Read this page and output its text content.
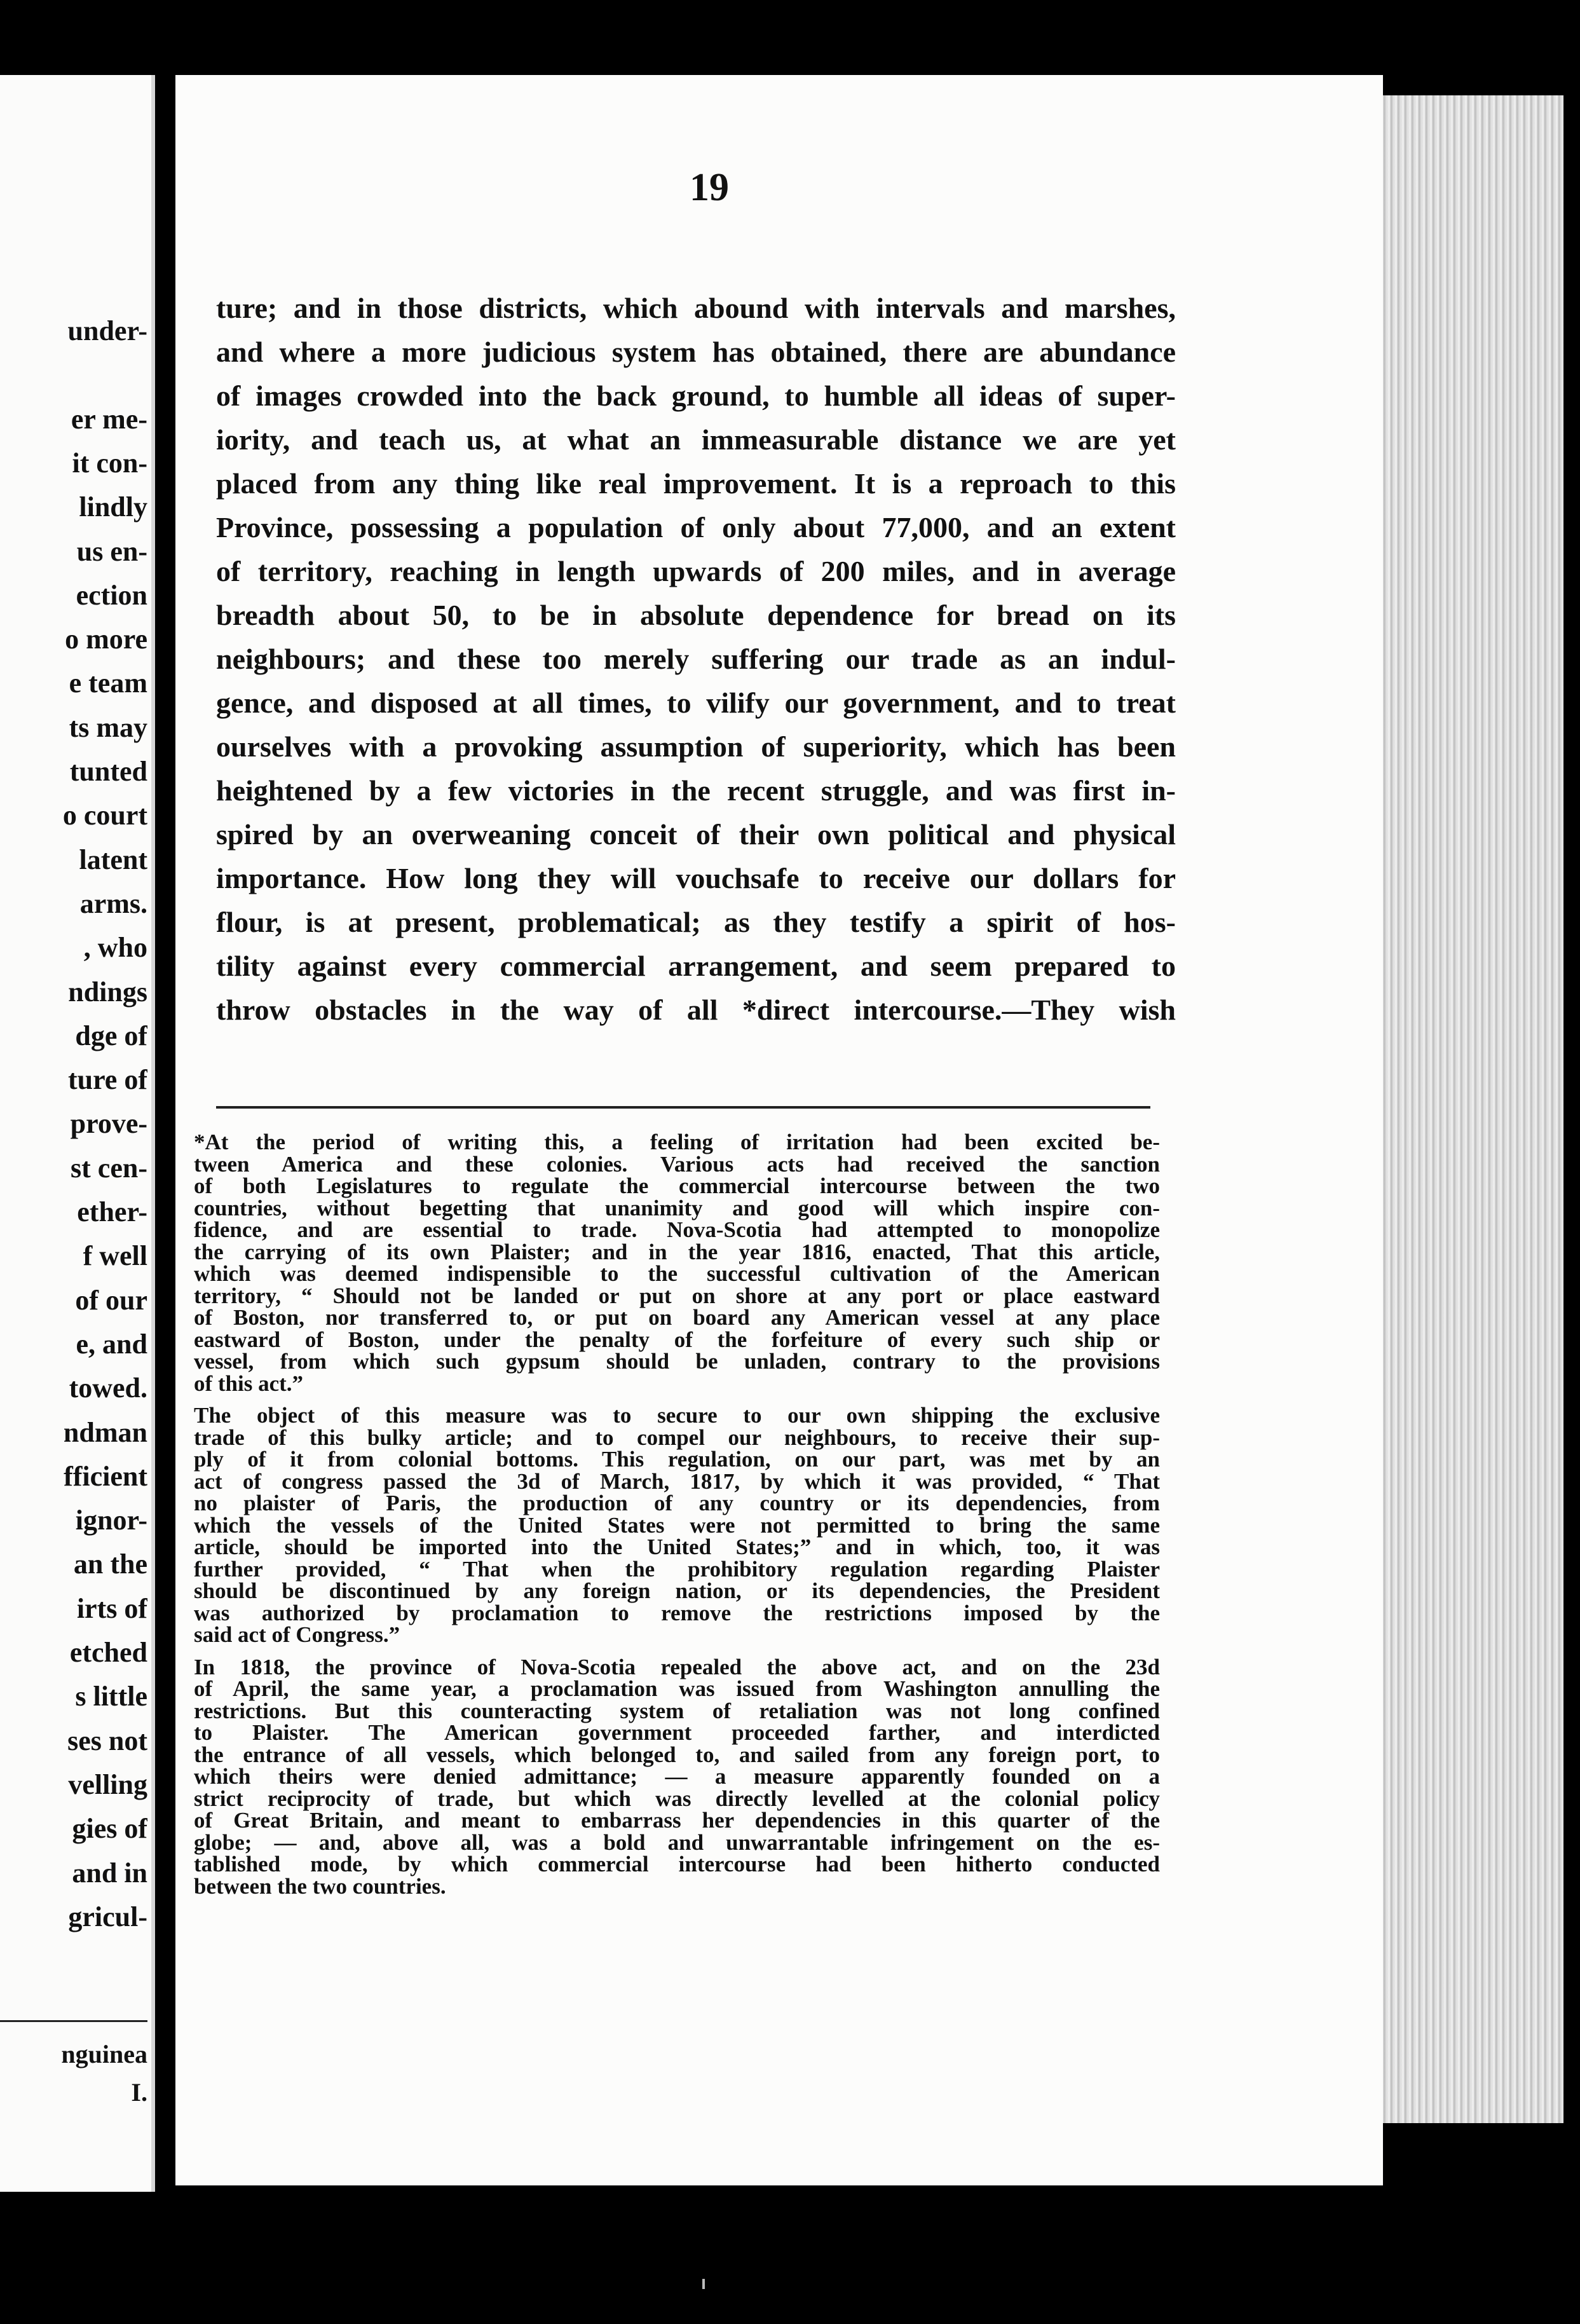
under-
er me-
it con-
lindly
us en-
ection
o more
e team
ts may
tunted
o court
latent
arms.
, who
ndings
dge of
ture of
prove-
st cen-
ether-
f well
of our
e, and
towed.
ndman
fficient
ignor-
an the
irts of
etched
s little
ses not
velling
gies of
and in
gricul-
nguinea
I.
19
ture; and in those districts, which abound with intervals and marshes,
and where a more judicious system has obtained, there are abundance
of images crowded into the back ground, to humble all ideas of super-
iority, and teach us, at what an immeasurable distance we are yet
placed from any thing like real improvement. It is a reproach to this
Province, possessing a population of only about 77,000, and an extent
of territory, reaching in length upwards of 200 miles, and in average
breadth about 50, to be in absolute dependence for bread on its
neighbours; and these too merely suffering our trade as an indul-
gence, and disposed at all times, to vilify our government, and to treat
ourselves with a provoking assumption of superiority, which has been
heightened by a few victories in the recent struggle, and was first in-
spired by an overweaning conceit of their own political and physical
importance. How long they will vouchsafe to receive our dollars for
flour, is at present, problematical; as they testify a spirit of hos-
tility against every commercial arrangement, and seem prepared to
throw obstacles in the way of all *direct intercourse.—They wish
*At the period of writing this, a feeling of irritation had been excited be-
tween America and these colonies. Various acts had received the sanction
of both Legislatures to regulate the commercial intercourse between the two
countries, without begetting that unanimity and good will which inspire con-
fidence, and are essential to trade. Nova-Scotia had attempted to monopolize
the carrying of its own Plaister; and in the year 1816, enacted, That this article,
which was deemed indispensible to the successful cultivation of the American
territory, “ Should not be landed or put on shore at any port or place eastward
of Boston, nor transferred to, or put on board any American vessel at any place
eastward of Boston, under the penalty of the forfeiture of every such ship or
vessel, from which such gypsum should be unladen, contrary to the provisions
of this act.”
The object of this measure was to secure to our own shipping the exclusive
trade of this bulky article; and to compel our neighbours, to receive their sup-
ply of it from colonial bottoms. This regulation, on our part, was met by an
act of congress passed the 3d of March, 1817, by which it was provided, “ That
no plaister of Paris, the production of any country or its dependencies, from
which the vessels of the United States were not permitted to bring the same
article, should be imported into the United States;” and in which, too, it was
further provided, “ That when the prohibitory regulation regarding Plaister
should be discontinued by any foreign nation, or its dependencies, the President
was authorized by proclamation to remove the restrictions imposed by the
said act of Congress.”
In 1818, the province of Nova-Scotia repealed the above act, and on the 23d
of April, the same year, a proclamation was issued from Washington annulling the
restrictions. But this counteracting system of retaliation was not long confined
to Plaister. The American government proceeded farther, and interdicted
the entrance of all vessels, which belonged to, and sailed from any foreign port, to
which theirs were denied admittance; — a measure apparently founded on a
strict reciprocity of trade, but which was directly levelled at the colonial policy
of Great Britain, and meant to embarrass her dependencies in this quarter of the
globe; — and, above all, was a bold and unwarrantable infringement on the es-
tablished mode, by which commercial intercourse had been hitherto conducted
between the two countries.
